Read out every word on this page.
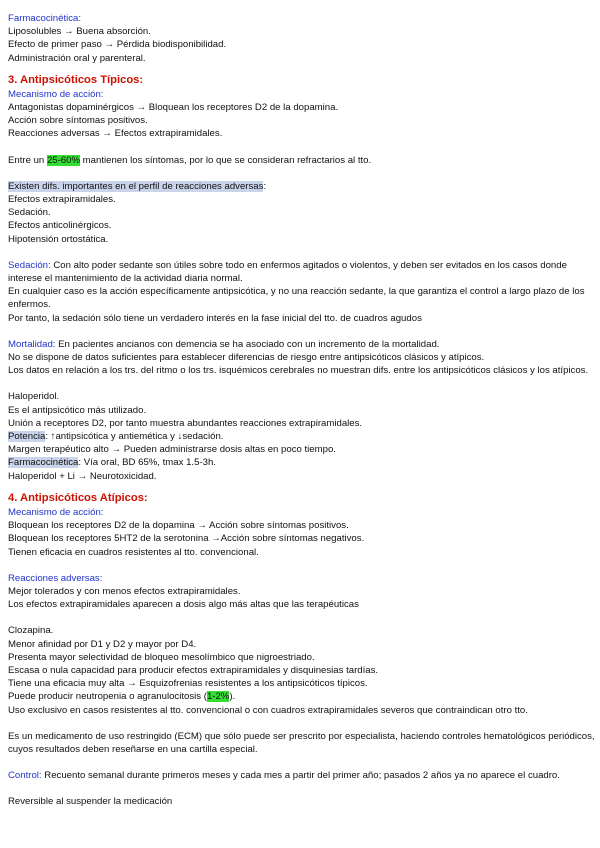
Farmacocinética:

Liposolubles → Buena absorción.

Efecto de primer paso → Pérdida biodisponibilidad.

Administración oral y parenteral.

3. Antipsicóticos Típicos:

Mecanismo de acción:

Antagonistas dopaminérgicos → Bloquean los receptores D2 de la dopamina.

Acción sobre síntomas positivos.

Reacciones adversas → Efectos extrapiramidales.

Entre un 25-60% mantienen los síntomas, por lo que se consideran refractarios al tto.

Existen difs. importantes en el perfil de reacciones adversas:

Efectos extrapiramidales.

Sedación.

Efectos anticolinérgicos.

Hipotensión ortostática.

Sedación: Con alto poder sedante son útiles sobre todo en enfermos agitados o violentos, y deben ser evitados en los casos donde interese el mantenimiento de la actividad diaria normal.

En cualquier caso es la acción específicamente antipsicótica, y no una reacción sedante, la que garantiza el control a largo plazo de los enfermos.

Por tanto, la sedación sólo tiene un verdadero interés en la fase inicial del tto. de cuadros agudos

Mortalidad: En pacientes ancianos con demencia se ha asociado con un incremento de la mortalidad.

No se dispone de datos suficientes para establecer diferencias de riesgo entre antipsicóticos clásicos y atípicos.

Los datos en relación a los trs. del ritmo o los trs. isquémicos cerebrales no muestran difs. entre los antipsicóticos clásicos y los atípicos.

Haloperidol.

Es el antipsicótico más utilizado.

Unión a receptores D2, por tanto muestra abundantes reacciones extrapiramidales.

Potencia: ↑antipsicótica y antiemética y ↓sedación.

Margen terapéutico alto → Pueden administrarse dosis altas en poco tiempo.

Farmacocinética: Vía oral, BD 65%, tmax 1.5-3h.

Haloperidol + Li → Neurotoxicidad.

4. Antipsicóticos Atípicos:

Mecanismo de acción:

Bloquean los receptores D2 de la dopamina → Acción sobre síntomas positivos.

Bloquean los receptores 5HT2 de la serotonina →Acción sobre síntomas negativos.

Tienen eficacia en cuadros resistentes al tto. convencional.

Reacciones adversas:

Mejor tolerados y con menos efectos extrapiramidales.

Los efectos extrapiramidales aparecen a dosis algo más altas que las terapéuticas

Clozapina.

Menor afinidad por D1 y D2 y mayor por D4.

Presenta mayor selectividad de bloqueo mesolímbico que nigroestriado.

Escasa o nula capacidad para producir efectos extrapiramidales y disquinesias tardías.

Tiene una eficacia muy alta → Esquizofrenias resistentes a los antipsicóticos típicos.

Puede producir neutropenia o agranulocitosis (1-2%).

Uso exclusivo en casos resistentes al tto. convencional o con cuadros extrapiramidales severos que contraindican otro tto.

Es un medicamento de uso restringido (ECM) que sólo puede ser prescrito por especialista, haciendo controles hematológicos periódicos, cuyos resultados deben reseñarse en una cartilla especial.

Control: Recuento semanal durante primeros meses y cada mes a partir del primer año; pasados 2 años ya no aparece el cuadro.

Reversible al suspender la medicación
